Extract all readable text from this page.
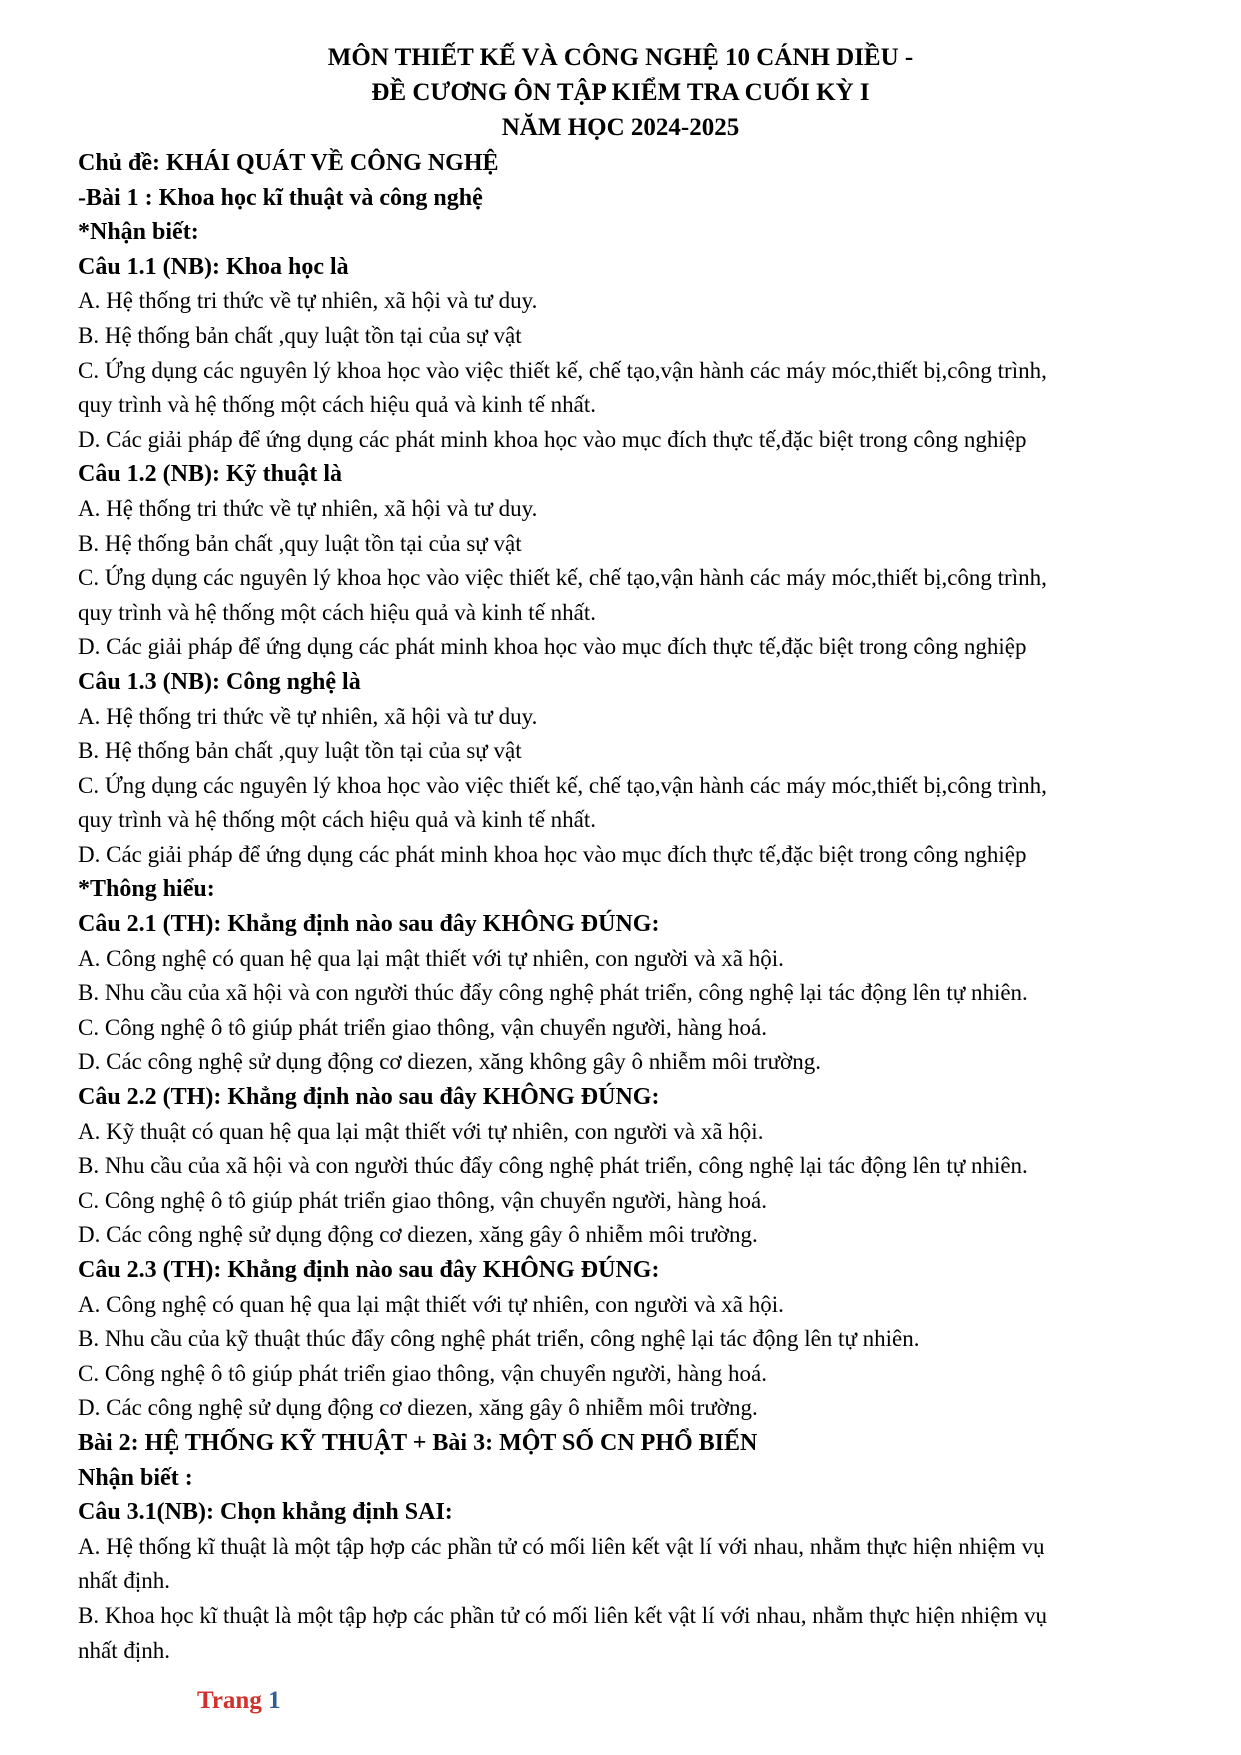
MÔN THIẾT KẾ VÀ CÔNG NGHỆ 10 CÁNH DIỀU -
ĐỀ CƯƠNG ÔN TẬP KIỂM TRA CUỐI KỲ I
NĂM HỌC 2024-2025

Chủ đề: KHÁI QUÁT VỀ CÔNG NGHỆ

-Bài 1 : Khoa học kĩ thuật và công nghệ

*Nhận biết:

Câu 1.1 (NB): Khoa học là

A. Hệ thống tri thức về tự nhiên, xã hội và tư duy.

B. Hệ thống bản chất ,quy luật tồn tại của sự vật

C. Ứng dụng các nguyên lý khoa học vào việc thiết kế, chế tạo,vận hành các máy móc,thiết bị,công trình,

quy trình và hệ thống một cách hiệu quả và kinh tế nhất.

D. Các giải pháp để ứng dụng các phát minh khoa học vào mục đích thực tế,đặc biệt trong công nghiệp

Câu 1.2 (NB): Kỹ thuật là

A. Hệ thống tri thức về tự nhiên, xã hội và tư duy.

B. Hệ thống bản chất ,quy luật tồn tại của sự vật

C. Ứng dụng các nguyên lý khoa học vào việc thiết kế, chế tạo,vận hành các máy móc,thiết bị,công trình,

quy trình và hệ thống một cách hiệu quả và kinh tế nhất.

D. Các giải pháp để ứng dụng các phát minh khoa học vào mục đích thực tế,đặc biệt trong công nghiệp

Câu 1.3 (NB): Công nghệ là

A. Hệ thống tri thức về tự nhiên, xã hội và tư duy.

B. Hệ thống bản chất ,quy luật tồn tại của sự vật

C. Ứng dụng các nguyên lý khoa học vào việc thiết kế, chế tạo,vận hành các máy móc,thiết bị,công trình,

quy trình và hệ thống một cách hiệu quả và kinh tế nhất.

D. Các giải pháp để ứng dụng các phát minh khoa học vào mục đích thực tế,đặc biệt trong công nghiệp

*Thông hiểu:

Câu 2.1 (TH): Khẳng định nào sau đây KHÔNG ĐÚNG:

A. Công nghệ có quan hệ qua lại mật thiết với tự nhiên, con người và xã hội.

B. Nhu cầu của xã hội và con người thúc đẩy công nghệ phát triển, công nghệ lại tác động lên tự nhiên.

C. Công nghệ ô tô giúp phát triển giao thông, vận chuyển người, hàng hoá.

D. Các công nghệ sử dụng động cơ diezen, xăng không gây ô nhiễm môi trường.

Câu 2.2 (TH): Khẳng định nào sau đây KHÔNG ĐÚNG:

A. Kỹ thuật có quan hệ qua lại mật thiết với tự nhiên, con người và xã hội.

B. Nhu cầu của xã hội và con người thúc đẩy công nghệ phát triển, công nghệ lại tác động lên tự nhiên.

C. Công nghệ ô tô giúp phát triển giao thông, vận chuyển người, hàng hoá.

D. Các công nghệ sử dụng động cơ diezen, xăng gây ô nhiễm môi trường.

Câu 2.3 (TH): Khẳng định nào sau đây KHÔNG ĐÚNG:

A. Công nghệ có quan hệ qua lại mật thiết với tự nhiên, con người và xã hội.

B. Nhu cầu của kỹ thuật thúc đẩy công nghệ phát triển, công nghệ lại tác động lên tự nhiên.

C. Công nghệ ô tô giúp phát triển giao thông, vận chuyển người, hàng hoá.

D. Các công nghệ sử dụng động cơ diezen, xăng gây ô nhiễm môi trường.

Bài 2: HỆ THỐNG KỸ THUẬT + Bài 3: MỘT SỐ CN PHỔ BIẾN

Nhận biết :

Câu 3.1(NB): Chọn khẳng định SAI:

A. Hệ thống kĩ thuật là một tập hợp các phần tử có mối liên kết vật lí với nhau, nhằm thực hiện nhiệm vụ

nhất định.

B. Khoa học kĩ thuật là một tập hợp các phần tử có mối liên kết vật lí với nhau, nhằm thực hiện nhiệm vụ

nhất định.

Trang 1
